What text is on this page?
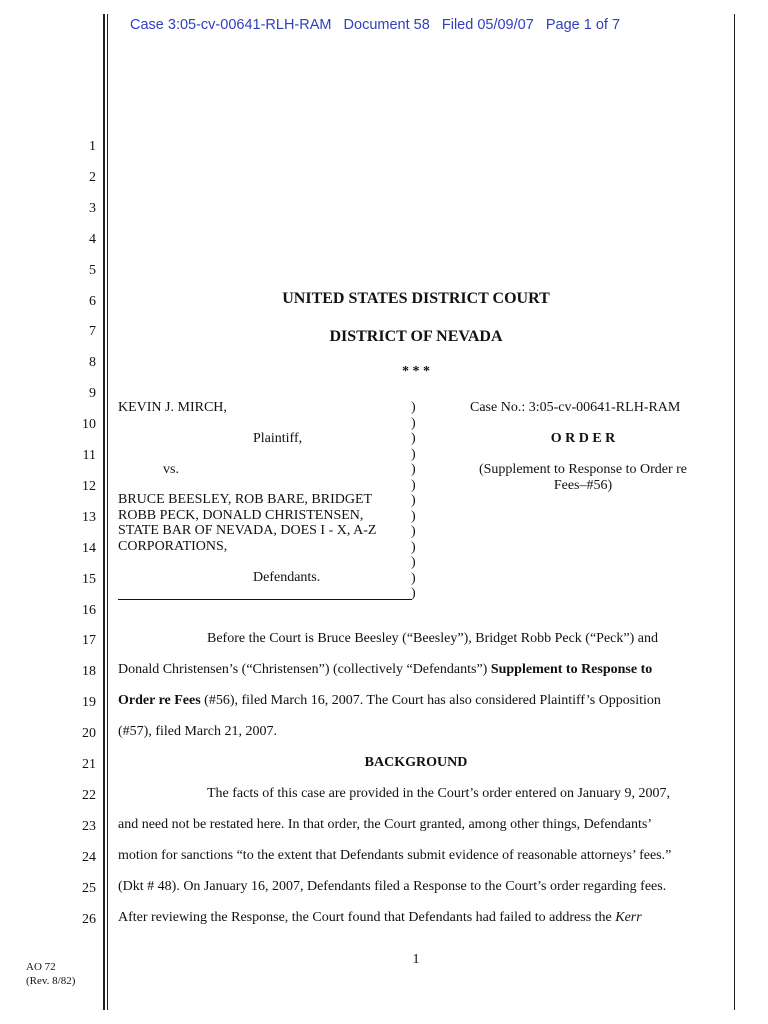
Case 3:05-cv-00641-RLH-RAM   Document 58   Filed 05/09/07   Page 1 of 7
1
2
3
4
5
6
7
8
9
10
11
12
13
14
15
16
17
18
19
20
21
22
23
24
25
26
UNITED STATES DISTRICT COURT
DISTRICT OF NEVADA
* * *
KEVIN J. MIRCH,
Plaintiff,
vs.
BRUCE BEESLEY, ROB BARE, BRIDGET
ROBB PECK, DONALD CHRISTENSEN,
STATE BAR OF NEVADA, DOES I - X, A-Z
CORPORATIONS,
Defendants.
)
)
)
)
)
)
)
)
)
)
)
)
)
Case No.: 3:05-cv-00641-RLH-RAM
O R D E R
(Supplement to Response to Order re
Fees–#56)
Before the Court is Bruce Beesley (“Beesley”), Bridget Robb Peck (“Peck”) and
Donald Christensen’s (“Christensen”) (collectively “Defendants”) Supplement to Response to
Order re Fees (#56), filed March 16, 2007. The Court has also considered Plaintiff’s Opposition
(#57), filed March 21, 2007.
BACKGROUND
The facts of this case are provided in the Court’s order entered on January 9, 2007,
and need not be restated here. In that order, the Court granted, among other things, Defendants’
motion for sanctions “to the extent that Defendants submit evidence of reasonable attorneys’ fees.”
(Dkt # 48). On January 16, 2007, Defendants filed a Response to the Court’s order regarding fees.
After reviewing the Response, the Court found that Defendants had failed to address the Kerr
1
AO 72
(Rev. 8/82)
